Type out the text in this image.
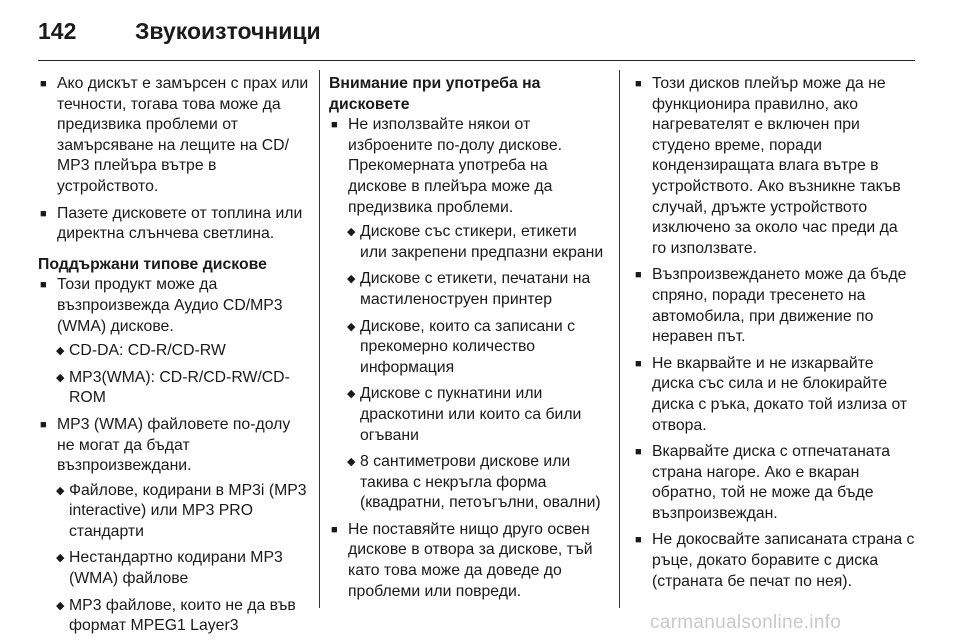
142	Звукоизточници
■ Ако дискът е замърсен с прах или течности, тогава това може да предизвика проблеми от замърсяване на лещите на CD/ MP3 плейъра вътре в устройството.
■ Пазете дисковете от топлина или директна слънчева светлина.
Поддържани типове дискове
■ Този продукт може да възпроизвежда Аудио CD/MP3 (WMA) дискове.
◆ CD-DA: CD-R/CD-RW
◆ MP3(WMA): CD-R/CD-RW/CD-ROM
■ MP3 (WMA) файловете по-долу не могат да бъдат възпроизвеждани.
◆ Файлове, кодирани в MP3i (MP3 interactive) или MP3 PRO стандарти
◆ Нестандартно кодирани MP3 (WMA) файлове
◆ MP3 файлове, които не да във формат MPEG1 Layer3
Внимание при употреба на дисковете
■ Не използвайте някои от изброените по-долу дискове. Прекомерната употреба на дискове в плейъра може да предизвика проблеми.
◆ Дискове със стикери, етикети или закрепени предпазни екрани
◆ Дискове с етикети, печатани на мастиленоструен принтер
◆ Дискове, които са записани с прекомерно количество информация
◆ Дискове с пукнатини или драскотини или които са били огъвани
◆ 8 сантиметрови дискове или такива с некръгла форма (квадратни, петоъгълни, овални)
■ Не поставяйте нищо друго освен дискове в отвора за дискове, тъй като това може да доведе до проблеми или повреди.
■ Този дисков плейър може да не функционира правилно, ако нагревателят е включен при студено време, поради кондензиращата влага вътре в устройството. Ако възникне такъв случай, дръжте устройството изключено за около час преди да го използвате.
■ Възпроизвеждането може да бъде спряно, поради тресенето на автомобила, при движение по неравен път.
■ Не вкарвайте и не изкарвайте диска със сила и не блокирайте диска с ръка, докато той излиза от отвора.
■ Вкарвайте диска с отпечатаната страна нагоре. Ако е вкаран обратно, той не може да бъде възпроизвеждан.
■ Не докосвайте записаната страна с ръце, докато боравите с диска (страната бе печат по нея).
carmanualsonline.info
